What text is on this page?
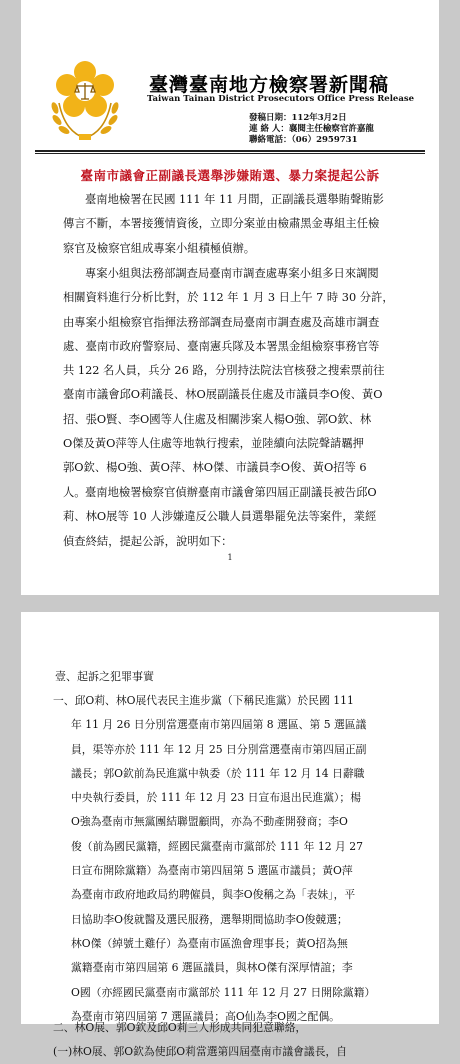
臺灣臺南地方檢察署新聞稿
Taiwan Tainan District Prosecutors Office Press Release
發稿日期：112年3月2日
連 絡 人：襄閱主任檢察官許嘉龍
聯絡電話：（06）2959731
臺南市議會正副議長選舉涉嫌賄選、暴力案提起公訴
臺南地檢署在民國 111 年 11 月間，正副議長選舉賄聲賄影
傳言不斷，本署接獲情資後，立即分案並由檢肅黑金專組主任檢
察官及檢察官組成專案小組積極偵辦。
專案小組與法務部調查局臺南市調查處專案小組多日來調閱
相關資料進行分析比對，於 112 年 1 月 3 日上午 7 時 30 分許，
由專案小組檢察官指揮法務部調查局臺南市調查處及高雄市調查
處、臺南市政府警察局、臺南憲兵隊及本署黑金組檢察事務官等
共 122 名人員，兵分 26 路，分別持法院法官核發之搜索票前往
臺南市議會邱O莉議長、林O展副議長住處及市議員李O俊、黃O
招、張O賢、李O國等人住處及相關涉案人楊O強、郭O欽、林
O傑及黃O萍等人住處等地執行搜索，並陸續向法院聲請羈押
郭O欽、楊O強、黃O萍、林O傑、市議員李O俊、黃O招等 6
人。 臺南地檢署檢察官偵辦臺南市議會第四屆正副議長被告邱O
莉、林O展等 10 人涉嫌違反公職人員選舉罷免法等案件，業經
偵查終結，提起公訴，說明如下：
1
壹、起訴之犯罪事實
一、邱O莉、林O展代表民主進步黨（下稱民進黨）於民國 111
年 11 月 26 日分別當選臺南市第四屆第 8 選區、第 5 選區議
員，渠等亦於 111 年 12 月 25 日分別當選臺南市第四屆正副
議長；郭O欽前為民進黨中執委（於 111 年 12 月 14 日辭職
中央執行委員，於 111 年 12 月 23 日宣布退出民進黨）；楊
O強為臺南市無黨團結聯盟顧問，亦為不動產開發商；李O
俊（前為國民黨籍，經國民黨臺南市黨部於 111 年 12 月 27
日宣布開除黨籍）為臺南市第四屆第 5 選區市議員；黃O萍
為臺南市政府地政局約聘僱員，與李O俊稱之為「表妹」，平
日協助李O俊就醫及選民服務，選舉期間協助李O俊競選；
林O傑（綽號土雞仔）為臺南市區漁會理事長；黃O招為無
黨籍臺南市第四屆第 6 選區議員，與林O傑有深厚情誼；李
O國（亦經國民黨臺南市黨部於 111 年 12 月 27 日開除黨籍）
為臺南市第四屆第 7 選區議員；高O仙為李O國之配偶。
二、林O展、郭O欽及邱O莉三人形成共同犯意聯絡，
(一)林O展、郭O欽為使邱O莉當選第四屆臺南市議會議長，自
